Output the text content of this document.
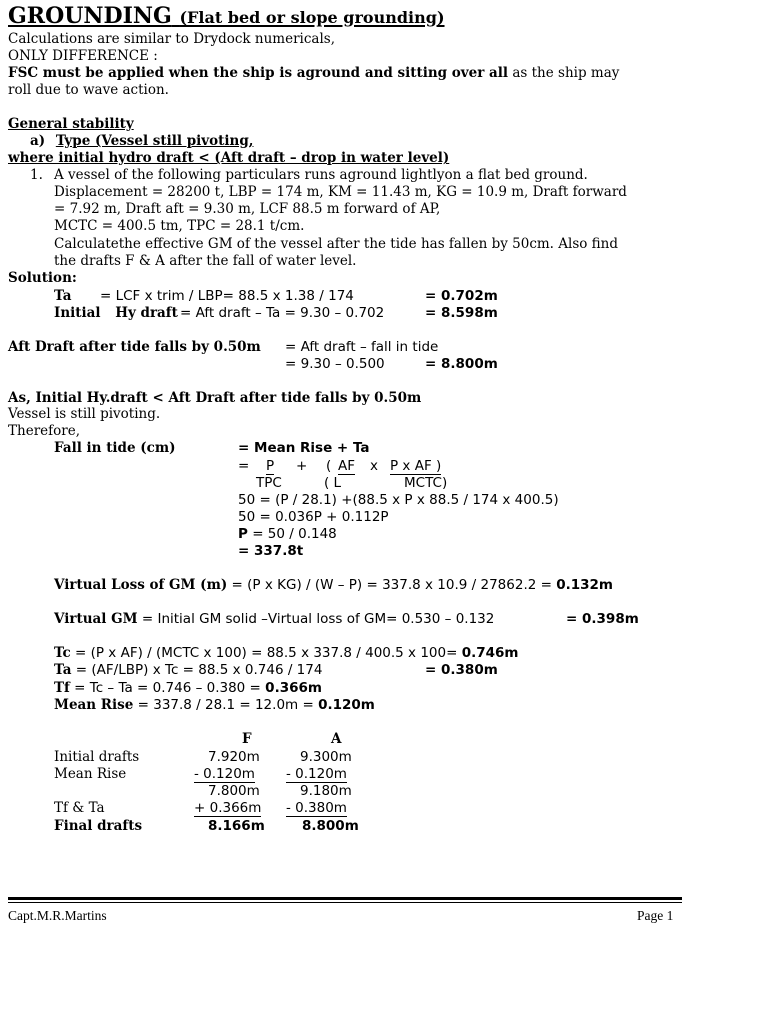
GROUNDING (Flat bed or slope grounding)
Calculations are similar to Drydock numericals,
ONLY DIFFERENCE :
FSC must be applied when the ship is aground and sitting over all as the ship may
roll due to wave action.
General stability
a) Type (Vessel still pivoting,
where initial hydro draft < (Aft draft – drop in water level)
1. A vessel of the following particulars runs aground lightlyon a flat bed ground.
Displacement = 28200 t, LBP = 174 m, KM = 11.43 m, KG = 10.9 m, Draft forward
= 7.92 m, Draft aft = 9.30 m, LCF 88.5 m forward of AP,
MCTC = 400.5 tm, TPC = 28.1 t/cm.
Calculatethe effective GM of the vessel after the tide has fallen by 50cm. Also find
the drafts F & A after the fall of water level.
Solution:
Ta = LCF x trim / LBP= 88.5 x 1.38 / 174	= 0.702m
Initial Hy draft = Aft draft – Ta = 9.30 – 0.702	= 8.598m
Aft Draft after tide falls by 0.50m = Aft draft – fall in tide
= 9.30 – 0.500	= 8.800m
As, Initial Hy.draft < Aft Draft after tide falls by 0.50m
Vessel is still pivoting.
Therefore,
Fall in tide (cm)	= Mean Rise + Ta
= P + ( AF x P x AF )
TPC	( L	MCTC)
50 = (P / 28.1) +(88.5 x P x 88.5 / 174 x 400.5)
50 = 0.036P + 0.112P
P = 50 / 0.148
= 337.8t
Virtual Loss of GM (m) = (P x KG) / (W – P) = 337.8 x 10.9 / 27862.2 = 0.132m
Virtual GM = Initial GM solid –Virtual loss of GM= 0.530 – 0.132	= 0.398m
Tc = (P x AF) / (MCTC x 100) = 88.5 x 337.8 / 400.5 x 100= 0.746m
Ta = (AF/LBP) x Tc = 88.5 x 0.746 / 174	= 0.380m
Tf = Tc – Ta = 0.746 – 0.380 = 0.366m
Mean Rise = 337.8 / 28.1 = 12.0m = 0.120m
F	A
Initial drafts	7.920m	9.300m
Mean Rise	- 0.120m - 0.120m
7.800m	9.180m
Tf & Ta	+ 0.366m - 0.380m
Final drafts	8.166m	8.800m
Capt.M.R.Martins	Page 1
